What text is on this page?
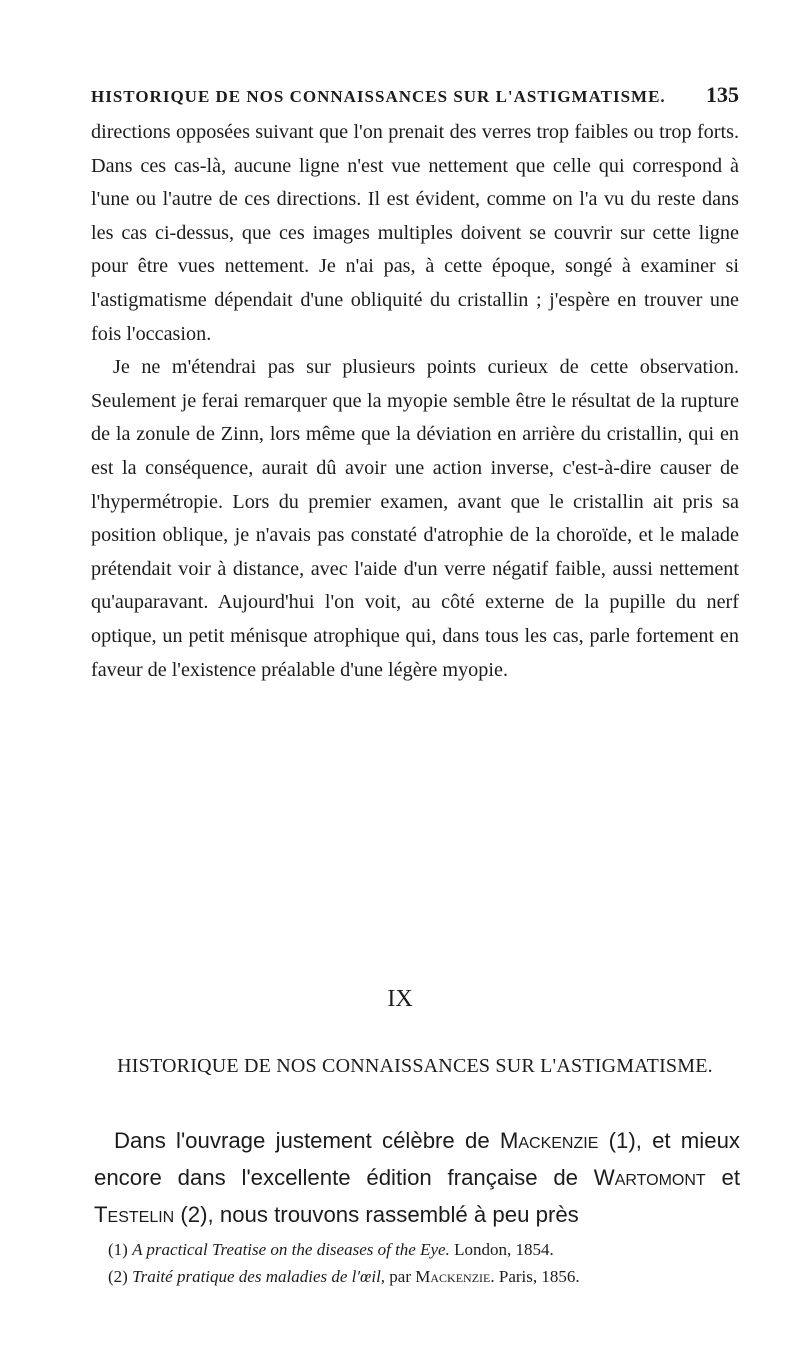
HISTORIQUE DE NOS CONNAISSANCES SUR L'ASTIGMATISME. 135

directions opposées suivant que l'on prenait des verres trop faibles ou trop forts. Dans ces cas-là, aucune ligne n'est vue nettement que celle qui correspond à l'une ou l'autre de ces directions. Il est évident, comme on l'a vu du reste dans les cas ci-dessus, que ces images multiples doivent se couvrir sur cette ligne pour être vues nettement. Je n'ai pas, à cette époque, songé à examiner si l'astigmatisme dépendait d'une obliquité du cristallin ; j'espère en trouver une fois l'occasion.

Je ne m'étendrai pas sur plusieurs points curieux de cette observation. Seulement je ferai remarquer que la myopie semble être le résultat de la rupture de la zonule de Zinn, lors même que la déviation en arrière du cristallin, qui en est la conséquence, aurait dû avoir une action inverse, c'est-à-dire causer de l'hypermétropie. Lors du premier examen, avant que le cristallin ait pris sa position oblique, je n'avais pas constaté d'atrophie de la choroïde, et le malade prétendait voir à distance, avec l'aide d'un verre négatif faible, aussi nettement qu'auparavant. Aujourd'hui l'on voit, au côté externe de la pupille du nerf optique, un petit ménisque atrophique qui, dans tous les cas, parle fortement en faveur de l'existence préalable d'une légère myopie.

IX
HISTORIQUE DE NOS CONNAISSANCES SUR L'ASTIGMATISME.

Dans l'ouvrage justement célèbre de Mackenzie (1), et mieux encore dans l'excellente édition française de Wartomont et Testelin (2), nous trouvons rassemblé à peu près

(1) A practical Treatise on the diseases of the Eye. London, 1854.
(2) Traité pratique des maladies de l'œil, par Mackenzie. Paris, 1856.
